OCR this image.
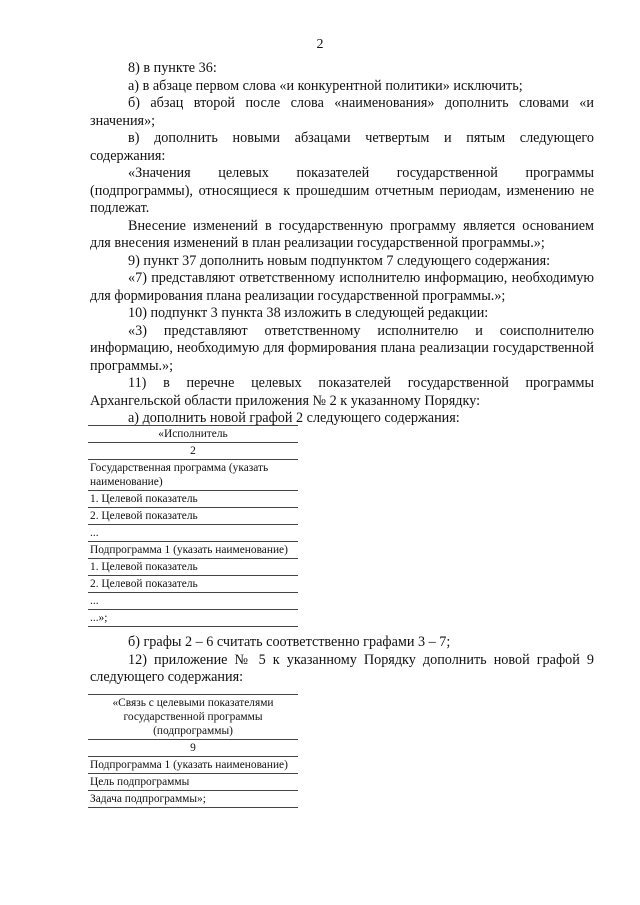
2

8) в пункте 36:

а) в абзаце первом слова «и конкурентной политики» исключить;

б) абзац второй после слова «наименования» дополнить словами «и значения»;

в) дополнить новыми абзацами четвертым и пятым следующего содержания:

«Значения целевых показателей государственной программы (подпрограммы), относящиеся к прошедшим отчетным периодам, изменению не подлежат.

Внесение изменений в государственную программу является основанием для внесения изменений в план реализации государственной программы.»;

9) пункт 37 дополнить новым подпунктом 7 следующего содержания:

«7) представляют ответственному исполнителю информацию, необходимую для формирования плана реализации государственной программы.»;

10) подпункт 3 пункта 38 изложить в следующей редакции:

«3) представляют ответственному исполнителю и соисполнителю информацию, необходимую для формирования плана реализации государственной программы.»;

11) в перечне целевых показателей государственной программы Архангельской области приложения № 2 к указанному Порядку:

а) дополнить новой графой 2 следующего содержания:

«Исполнитель
2
Государственная программа (указать наименование)
1. Целевой показатель
2. Целевой показатель
...
Подпрограмма 1 (указать наименование)
1. Целевой показатель
2. Целевой показатель
...
...»;

б) графы 2 – 6 считать соответственно графами 3 – 7;

12) приложение № 5 к указанному Порядку дополнить новой графой 9 следующего содержания:

«Связь с целевыми показателями государственной программы (подпрограммы)
9
Подпрограмма 1 (указать наименование)
Цель подпрограммы
Задача подпрограммы»;
